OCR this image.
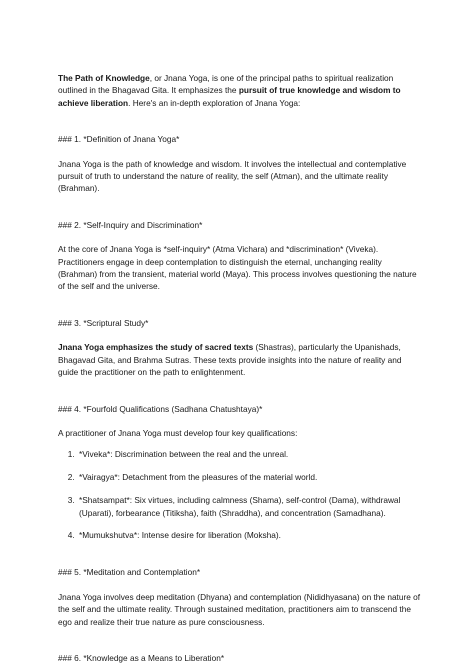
The Path of Knowledge, or Jnana Yoga, is one of the principal paths to spiritual realization outlined in the Bhagavad Gita. It emphasizes the pursuit of true knowledge and wisdom to achieve liberation. Here's an in-depth exploration of Jnana Yoga:

### 1. *Definition of Jnana Yoga*

Jnana Yoga is the path of knowledge and wisdom. It involves the intellectual and contemplative pursuit of truth to understand the nature of reality, the self (Atman), and the ultimate reality (Brahman).

### 2. *Self-Inquiry and Discrimination*

At the core of Jnana Yoga is *self-inquiry* (Atma Vichara) and *discrimination* (Viveka). Practitioners engage in deep contemplation to distinguish the eternal, unchanging reality (Brahman) from the transient, material world (Maya). This process involves questioning the nature of the self and the universe.

### 3. *Scriptural Study*

Jnana Yoga emphasizes the study of sacred texts (Shastras), particularly the Upanishads, Bhagavad Gita, and Brahma Sutras. These texts provide insights into the nature of reality and guide the practitioner on the path to enlightenment.

### 4. *Fourfold Qualifications (Sadhana Chatushtaya)*

A practitioner of Jnana Yoga must develop four key qualifications:

1. *Viveka*: Discrimination between the real and the unreal.
2. *Vairagya*: Detachment from the pleasures of the material world.
3. *Shatsampat*: Six virtues, including calmness (Shama), self-control (Dama), withdrawal (Uparati), forbearance (Titiksha), faith (Shraddha), and concentration (Samadhana).
4. *Mumukshutva*: Intense desire for liberation (Moksha).

### 5. *Meditation and Contemplation*

Jnana Yoga involves deep meditation (Dhyana) and contemplation (Nididhyasana) on the nature of the self and the ultimate reality. Through sustained meditation, practitioners aim to transcend the ego and realize their true nature as pure consciousness.

### 6. *Knowledge as a Means to Liberation*
